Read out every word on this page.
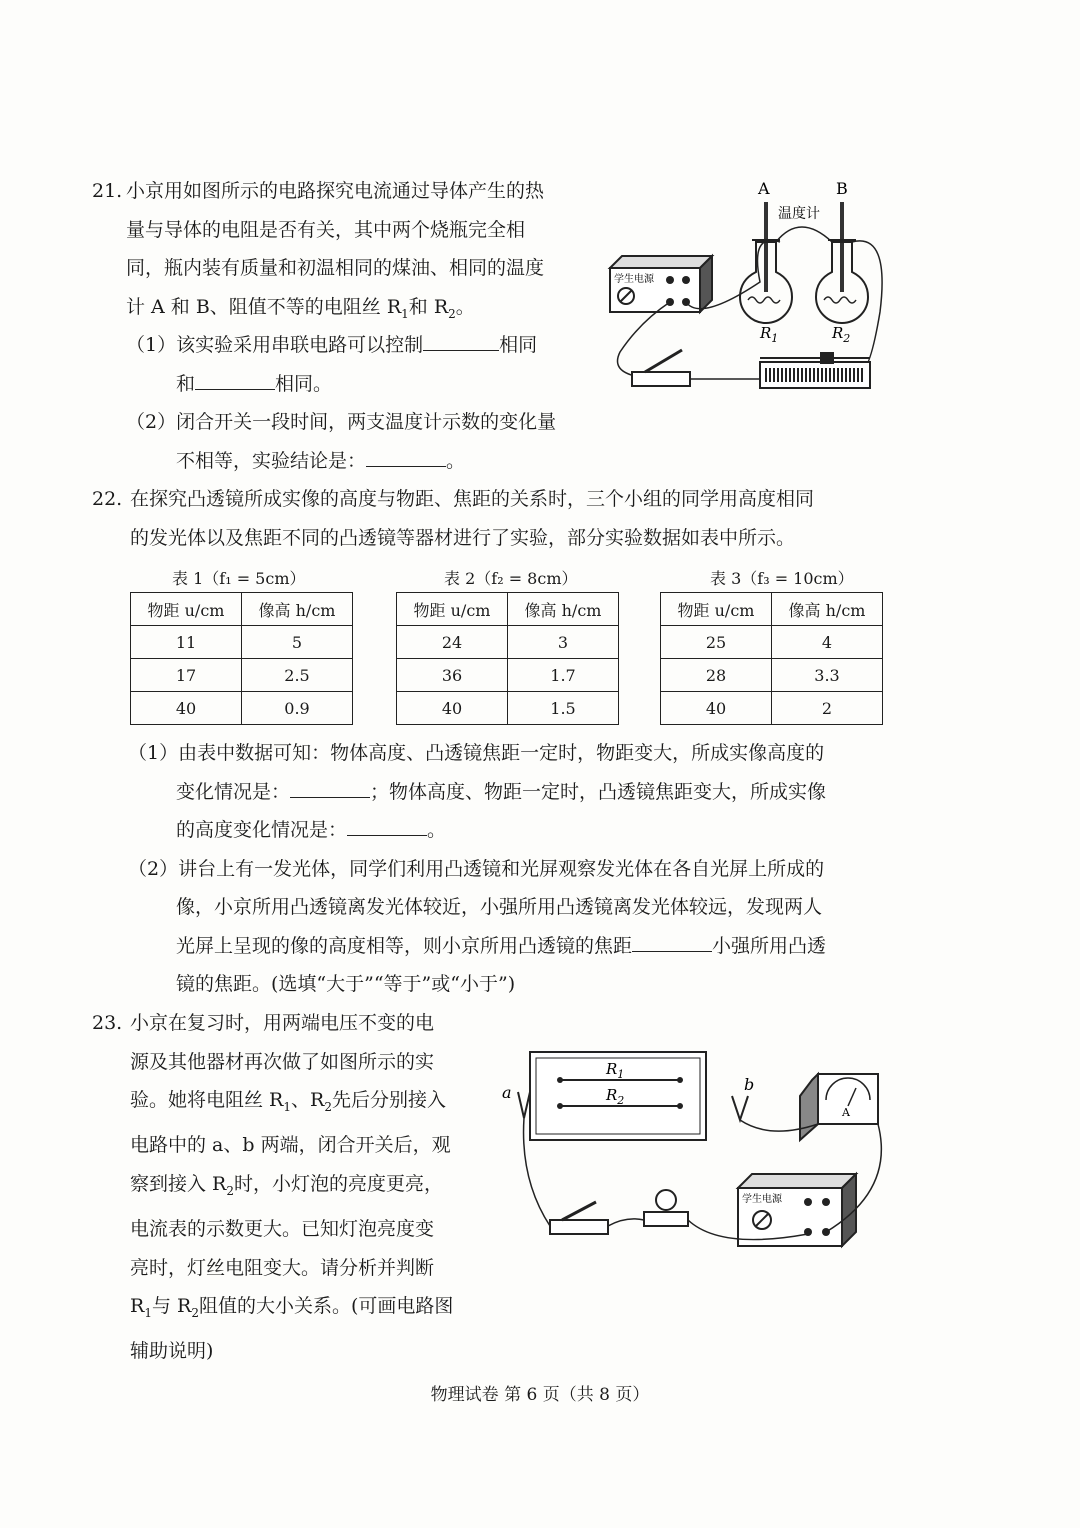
21. 小京用如图所示的电路探究电流通过导体产生的热
量与导体的电阻是否有关，其中两个烧瓶完全相
同，瓶内装有质量和初温相同的煤油、相同的温度
计 A 和 B、阻值不等的电阻丝 $R_1$和 $R_2$。
（1）该实验采用串联电路可以控制	相同
和	相同。
（2）闭合开关一段时间，两支温度计示数的变化量
不相等，实验结论是：	。
A	B
温度计
$R_1$	$R_2$
学生电源
22. 在探究凸透镜所成实像的高度与物距、焦距的关系时，三个小组的同学用高度相同
的发光体以及焦距不同的凸透镜等器材进行了实验，部分实验数据如表中所示。
表 1（f₁ = 5cm）
物距 u/cm	像高 h/cm
11	5
17	2.5
40	0.9
表 2（f₂ = 8cm）
物距 u/cm	像高 h/cm
24	3
36	1.7
40	1.5
表 3（f₃ = 10cm）
物距 u/cm	像高 h/cm
25	4
28	3.3
40	2
（1）由表中数据可知：物体高度、凸透镜焦距一定时，物距变大，所成实像高度的
变化情况是：	；物体高度、物距一定时，凸透镜焦距变大，所成实像
的高度变化情况是：	。
（2）讲台上有一发光体，同学们利用凸透镜和光屏观察发光体在各自光屏上所成的
像，小京所用凸透镜离发光体较近，小强所用凸透镜离发光体较远，发现两人
光屏上呈现的像的高度相等，则小京所用凸透镜的焦距	小强所用凸透
镜的焦距。(选填“大于”“等于”或“小于”)
23. 小京在复习时，用两端电压不变的电
源及其他器材再次做了如图所示的实
验。她将电阻丝 $R_1$、$R_2$先后分别接入
电路中的 a、b 两端，闭合开关后，观
察到接入 $R_2$时，小灯泡的亮度更亮，
电流表的示数更大。已知灯泡亮度变
亮时，灯丝电阻变大。请分析并判断
$R_1$与 $R_2$阻值的大小关系。(可画电路图
辅助说明)
$R_1$
$R_2$
a	b
A
学生电源
物理试卷 第 6 页（共 8 页）
